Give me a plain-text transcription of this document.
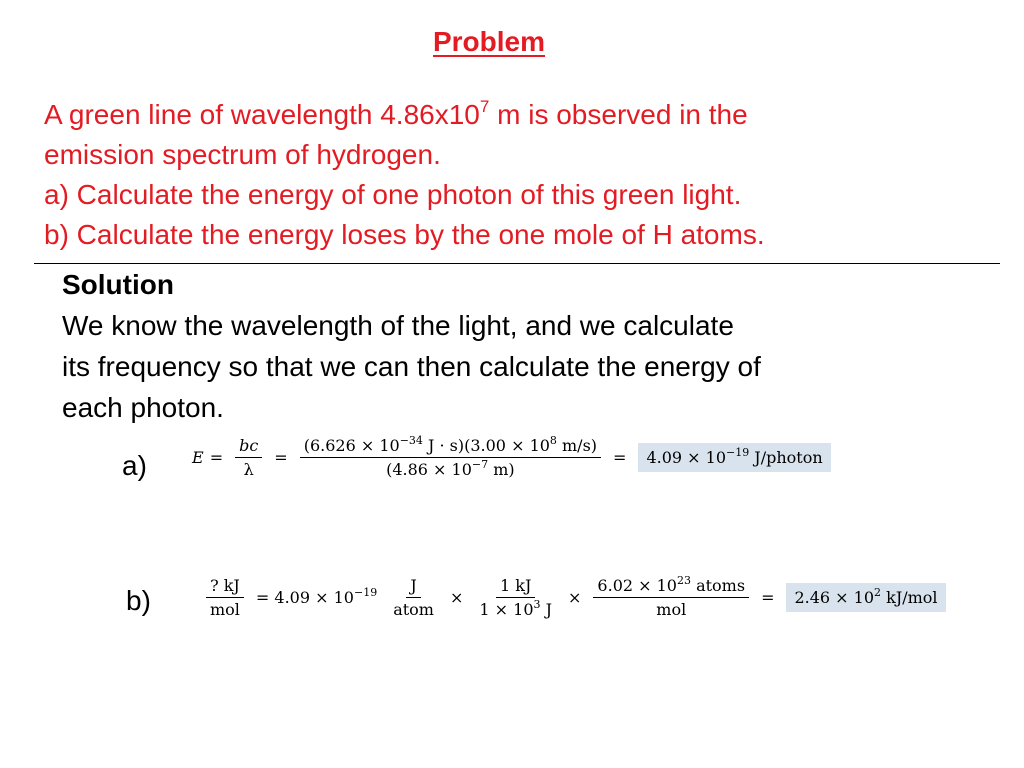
Problem
A green line of wavelength $4.86x10^7$ m is observed in the
emission spectrum of hydrogen.
a) Calculate the energy of one photon of this green light.
b) Calculate the energy loses by the one mole of H atoms.
Solution
We know the wavelength of the light, and we calculate
its frequency so that we can then calculate the energy of
each photon.
a)	$E = \frac{bc}{\lambda} = \frac{(6.626 \times 10^{-34} J \cdot s)(3.00 \times 10^8 m/s)}{(4.86 \times 10^{-7} m)}$ =	$4.09 \times 10^{-19}$ J/photon
b)	$\frac{? kJ}{\text{mol}} = 4.09 \times 10^{-19} \frac{J}{\text{atom}} \times \frac{1 kJ}{1 \times 10^3 J} \times \frac{6.02 \times 10^{23} atoms}{\text{mol}}$ =	$2.46 \times 10^2$ kJ/mol
